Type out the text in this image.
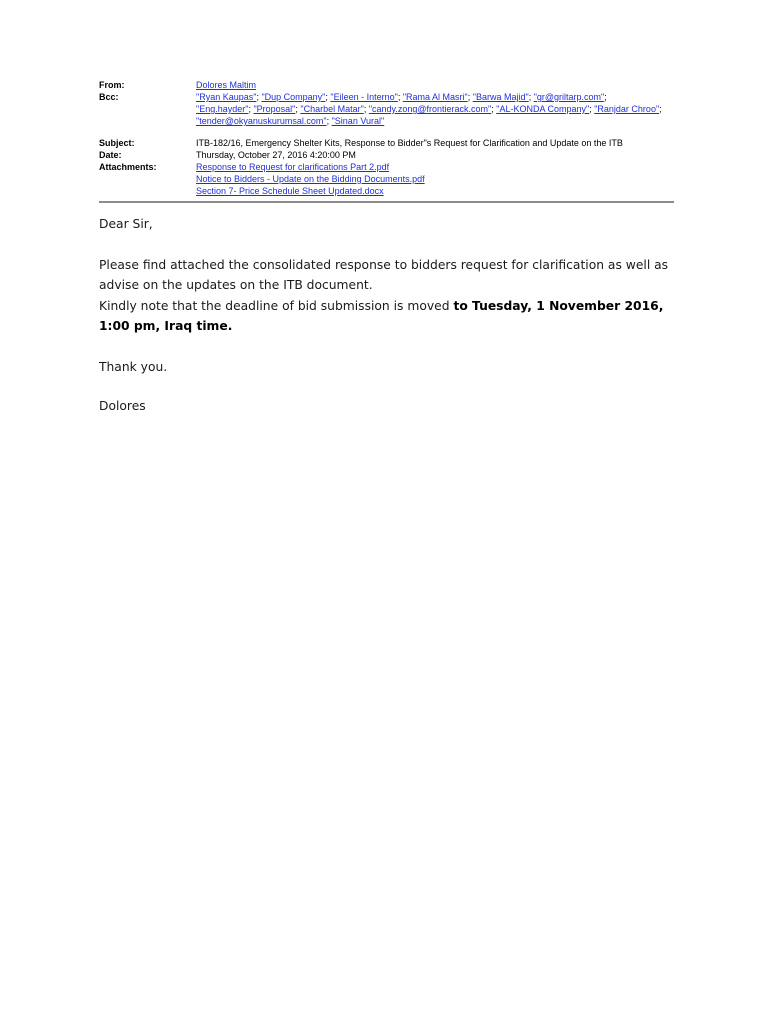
From:	Dolores Maltim
Bcc:	"Ryan Kaupas"; "Dup Company"; "Eileen - Interno"; "Rama Al Masri"; "Barwa Majid"; "gr@griltarp.com";
"Eng.hayder"; "Proposal"; "Charbel Matar"; "candy.zong@frontierack.com"; "AL-KONDA Company"; "Ranjdar Chroo"; "tender@okyanuskurumsal.com"; "Sinan Vural"
Subject:	ITB-182/16, Emergency Shelter Kits, Response to Bidder"s Request for Clarification and Update on the ITB
Date:	Thursday, October 27, 2016 4:20:00 PM
Attachments:	Response to Request for clarifications Part 2.pdf
Notice to Bidders - Update on the Bidding Documents.pdf
Section 7- Price Schedule Sheet Updated.docx

Dear Sir,

Please find attached the consolidated response to bidders request for clarification as well as advise on the updates on the ITB document.

Kindly note that the deadline of bid submission is moved to Tuesday, 1 November 2016, 1:00 pm, Iraq time.

Thank you.

Dolores
